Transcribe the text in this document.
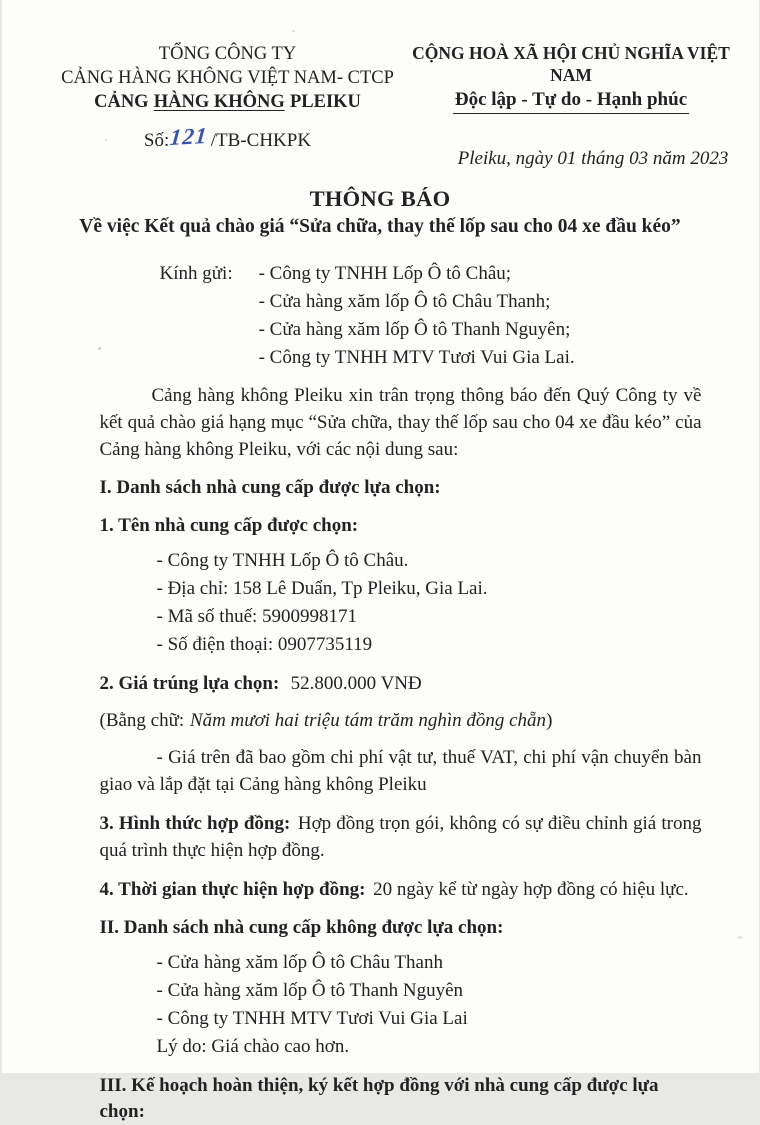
TỔNG CÔNG TY
CẢNG HÀNG KHÔNG VIỆT NAM- CTCP
CẢNG HÀNG KHÔNG PLEIKU
Số:121/TB-CHKPK
CỘNG HOÀ XÃ HỘI CHỦ NGHĨA VIỆT NAM
Độc lập - Tự do - Hạnh phúc
Pleiku, ngày 01 tháng 03 năm 2023
THÔNG BÁO
Về việc Kết quả chào giá “Sửa chữa, thay thế lốp sau cho 04 xe đầu kéo”
Kính gửi: - Công ty TNHH Lốp Ô tô Châu;
- Cửa hàng xăm lốp Ô tô Châu Thanh;
- Cửa hàng xăm lốp Ô tô Thanh Nguyên;
- Công ty TNHH MTV Tươi Vui Gia Lai.

Cảng hàng không Pleiku xin trân trọng thông báo đến Quý Công ty về kết quả chào giá hạng mục “Sửa chữa, thay thế lốp sau cho 04 xe đầu kéo” của Cảng hàng không Pleiku, với các nội dung sau:

I. Danh sách nhà cung cấp được lựa chọn:
1. Tên nhà cung cấp được chọn:
- Công ty TNHH Lốp Ô tô Châu.
- Địa chỉ: 158 Lê Duẩn, Tp Pleiku, Gia Lai.
- Mã số thuế: 5900998171
- Số điện thoại: 0907735119
2. Giá trúng lựa chọn: 52.800.000 VNĐ

(Bằng chữ: Năm mươi hai triệu tám trăm nghìn đồng chẵn)

- Giá trên đã bao gồm chi phí vật tư, thuế VAT, chi phí vận chuyển bàn giao và lắp đặt tại Cảng hàng không Pleiku

3. Hình thức hợp đồng: Hợp đồng trọn gói, không có sự điều chỉnh giá trong quá trình thực hiện hợp đồng.

4. Thời gian thực hiện hợp đồng: 20 ngày kể từ ngày hợp đồng có hiệu lực.

II. Danh sách nhà cung cấp không được lựa chọn:
- Cửa hàng xăm lốp Ô tô Châu Thanh
- Cửa hàng xăm lốp Ô tô Thanh Nguyên
- Công ty TNHH MTV Tươi Vui Gia Lai
Lý do: Giá chào cao hơn.
III. Kế hoạch hoàn thiện, ký kết hợp đồng với nhà cung cấp được lựa chọn:
